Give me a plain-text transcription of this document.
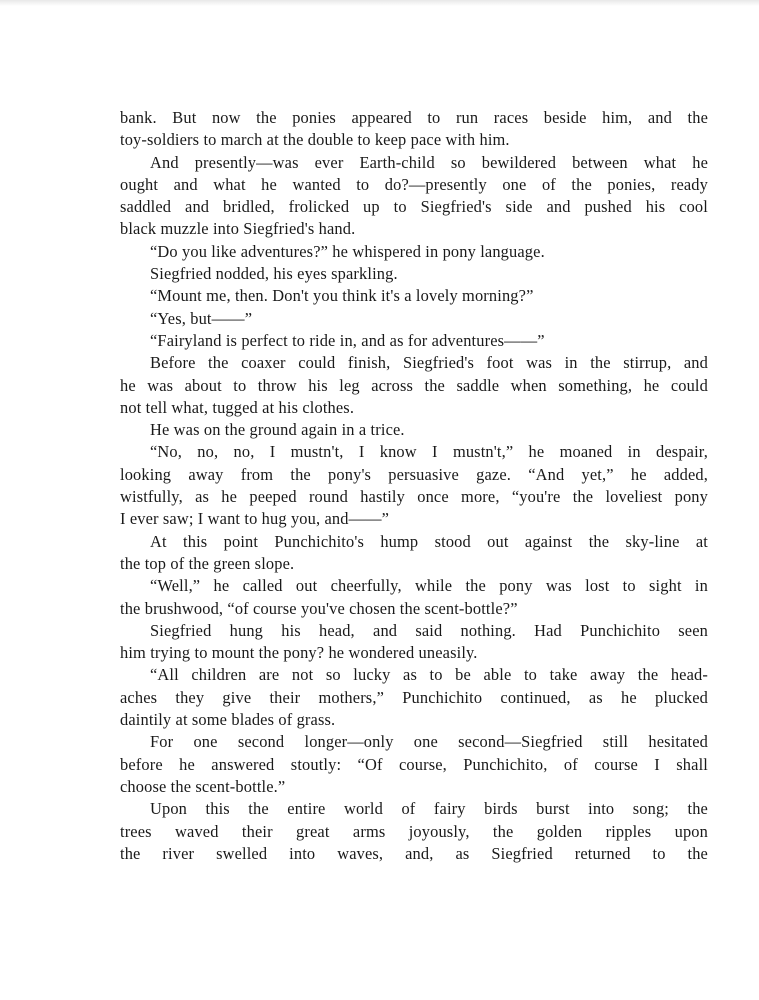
bank. But now the ponies appeared to run races beside him, and the
toy-soldiers to march at the double to keep pace with him.

And presently—was ever Earth-child so bewildered between what he
ought and what he wanted to do?—presently one of the ponies, ready
saddled and bridled, frolicked up to Siegfried's side and pushed his cool
black muzzle into Siegfried's hand.

“Do you like adventures?” he whispered in pony language.

Siegfried nodded, his eyes sparkling.

“Mount me, then. Don't you think it's a lovely morning?”

“Yes, but——”

“Fairyland is perfect to ride in, and as for adventures——”

Before the coaxer could finish, Siegfried's foot was in the stirrup, and
he was about to throw his leg across the saddle when something, he could
not tell what, tugged at his clothes.

He was on the ground again in a trice.

“No, no, no, I mustn't, I know I mustn't,” he moaned in despair,
looking away from the pony's persuasive gaze. “And yet,” he added,
wistfully, as he peeped round hastily once more, “you're the loveliest pony
I ever saw; I want to hug you, and——”

At this point Punchichito's hump stood out against the sky-line at
the top of the green slope.

“Well,” he called out cheerfully, while the pony was lost to sight in
the brushwood, “of course you've chosen the scent-bottle?”

Siegfried hung his head, and said nothing. Had Punchichito seen
him trying to mount the pony? he wondered uneasily.

“All children are not so lucky as to be able to take away the head-
aches they give their mothers,” Punchichito continued, as he plucked
daintily at some blades of grass.

For one second longer—only one second—Siegfried still hesitated
before he answered stoutly: “Of course, Punchichito, of course I shall
choose the scent-bottle.”

Upon this the entire world of fairy birds burst into song; the
trees waved their great arms joyously, the golden ripples upon
the river swelled into waves, and, as Siegfried returned to the
